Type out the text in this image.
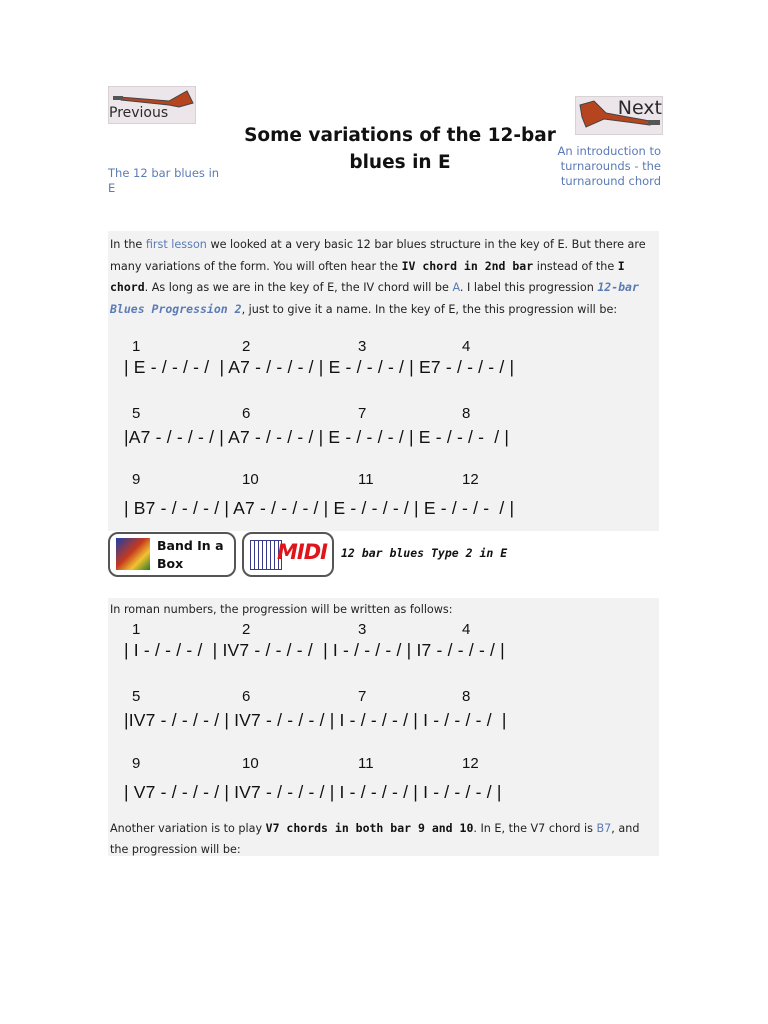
Previous	Next
Some variations of the 12-bar blues in E
The 12 bar blues in E
An introduction to turnarounds - the turnaround chord
In the first lesson we looked at a very basic 12 bar blues structure in the key of E. But there are many variations of the form. You will often hear the IV chord in 2nd bar instead of the I chord. As long as we are in the key of E, the IV chord will be A. I label this progression 12-bar Blues Progression 2, just to give it a name. In the key of E, the this progression will be:
1	2	3	4
| E - / - / - /  | A7 - / - / - / | E - / - / - / | E7 - / - / - / |
5	6	7	8
|A7 - / - / - / | A7 - / - / - / | E - / - / - / | E - / - / -  / |
9	10	11	12
| B7 - / - / - / | A7 - / - / - / | E - / - / - / | E - / - / -  / |
Band In a Box	MIDI 12 bar blues Type 2 in E
In roman numbers, the progression will be written as follows:
1	2	3	4
| I - / - / - /  | IV7 - / - / - /  | I - / - / - / | I7 - / - / - / |
5	6	7	8
|IV7 - / - / - / | IV7 - / - / - / | I - / - / - / | I - / - / - /  |
9	10	11	12
| V7 - / - / - / | IV7 - / - / - / | I - / - / - / | I - / - / - / |
Another variation is to play V7 chords in both bar 9 and 10. In E, the V7 chord is B7, and the progression will be:
